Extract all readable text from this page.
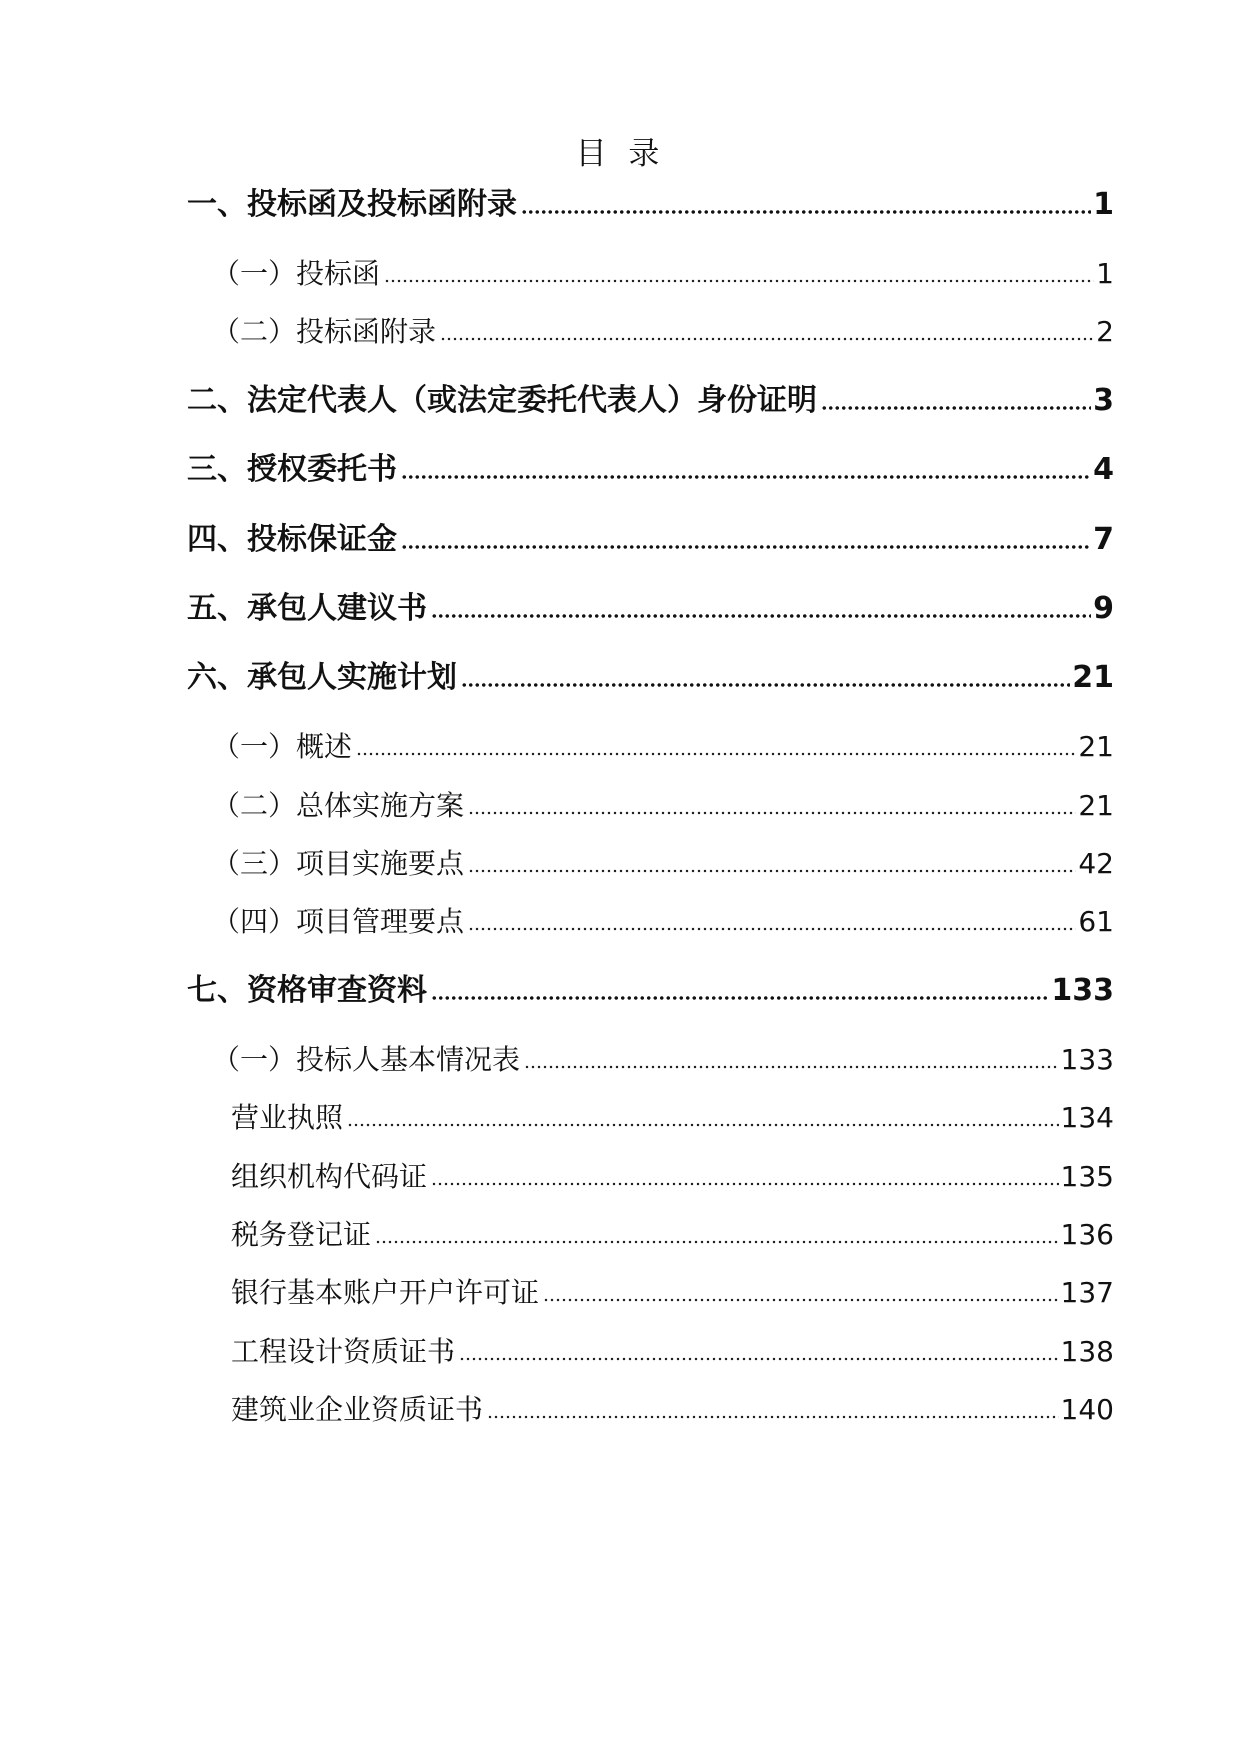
目 录
一、投标函及投标函附录	1
（一）投标函	1
（二）投标函附录	2
二、法定代表人（或法定委托代表人）身份证明	3
三、授权委托书	4
四、投标保证金	7
五、承包人建议书	9
六、承包人实施计划	21
（一）概述	21
（二）总体实施方案	21
（三）项目实施要点	42
（四）项目管理要点	61
七、资格审查资料	133
（一）投标人基本情况表	133
营业执照	134
组织机构代码证	135
税务登记证	136
银行基本账户开户许可证	137
工程设计资质证书	138
建筑业企业资质证书	140
